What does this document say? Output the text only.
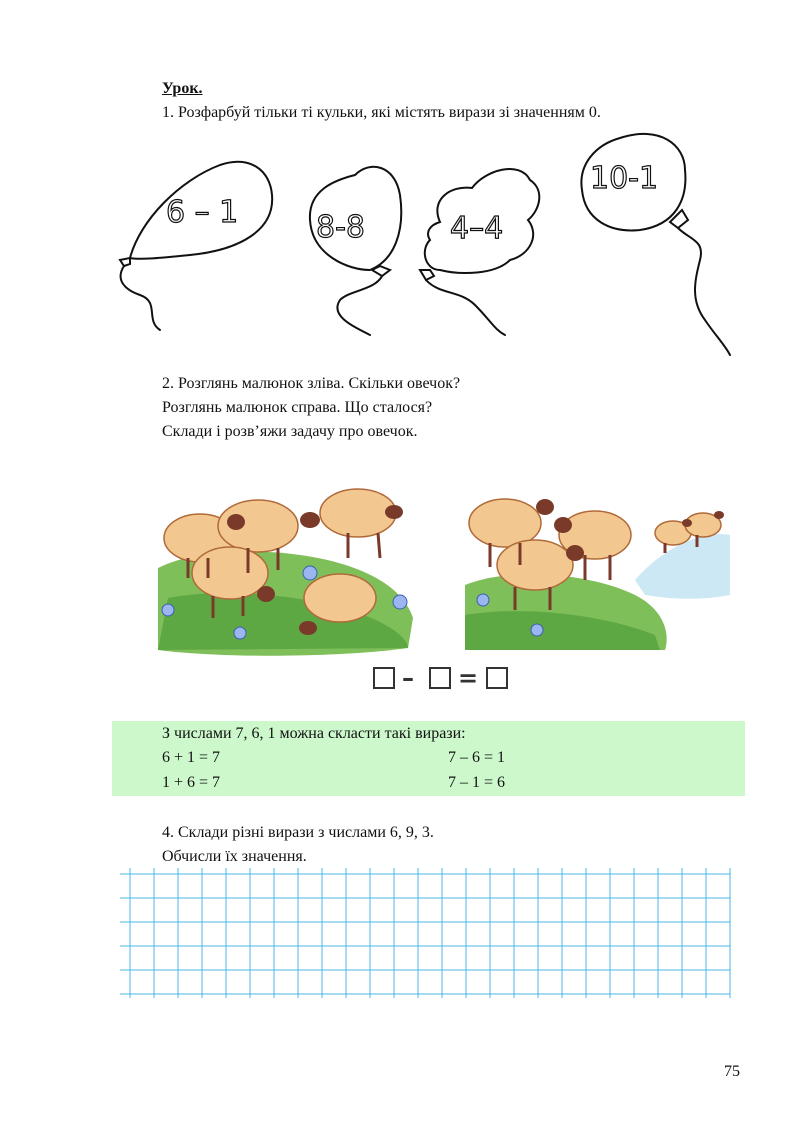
Урок.
1. Розфарбуй тільки ті кульки, які містять вирази зі значенням 0.
6 – 1	8-8	4–4
10-1
2. Розглянь малюнок зліва. Скільки овечок?
Розглянь малюнок справа. Що сталося?
Склади і розв’яжи задачу про овечок.
– =
З числами 7, 6, 1 можна скласти такі вирази:
6 + 1 = 7	7 – 6 = 1
1 + 6 = 7	7 – 1 = 6
4. Склади різні вирази з числами 6, 9, 3.
Обчисли їх значення.
75
